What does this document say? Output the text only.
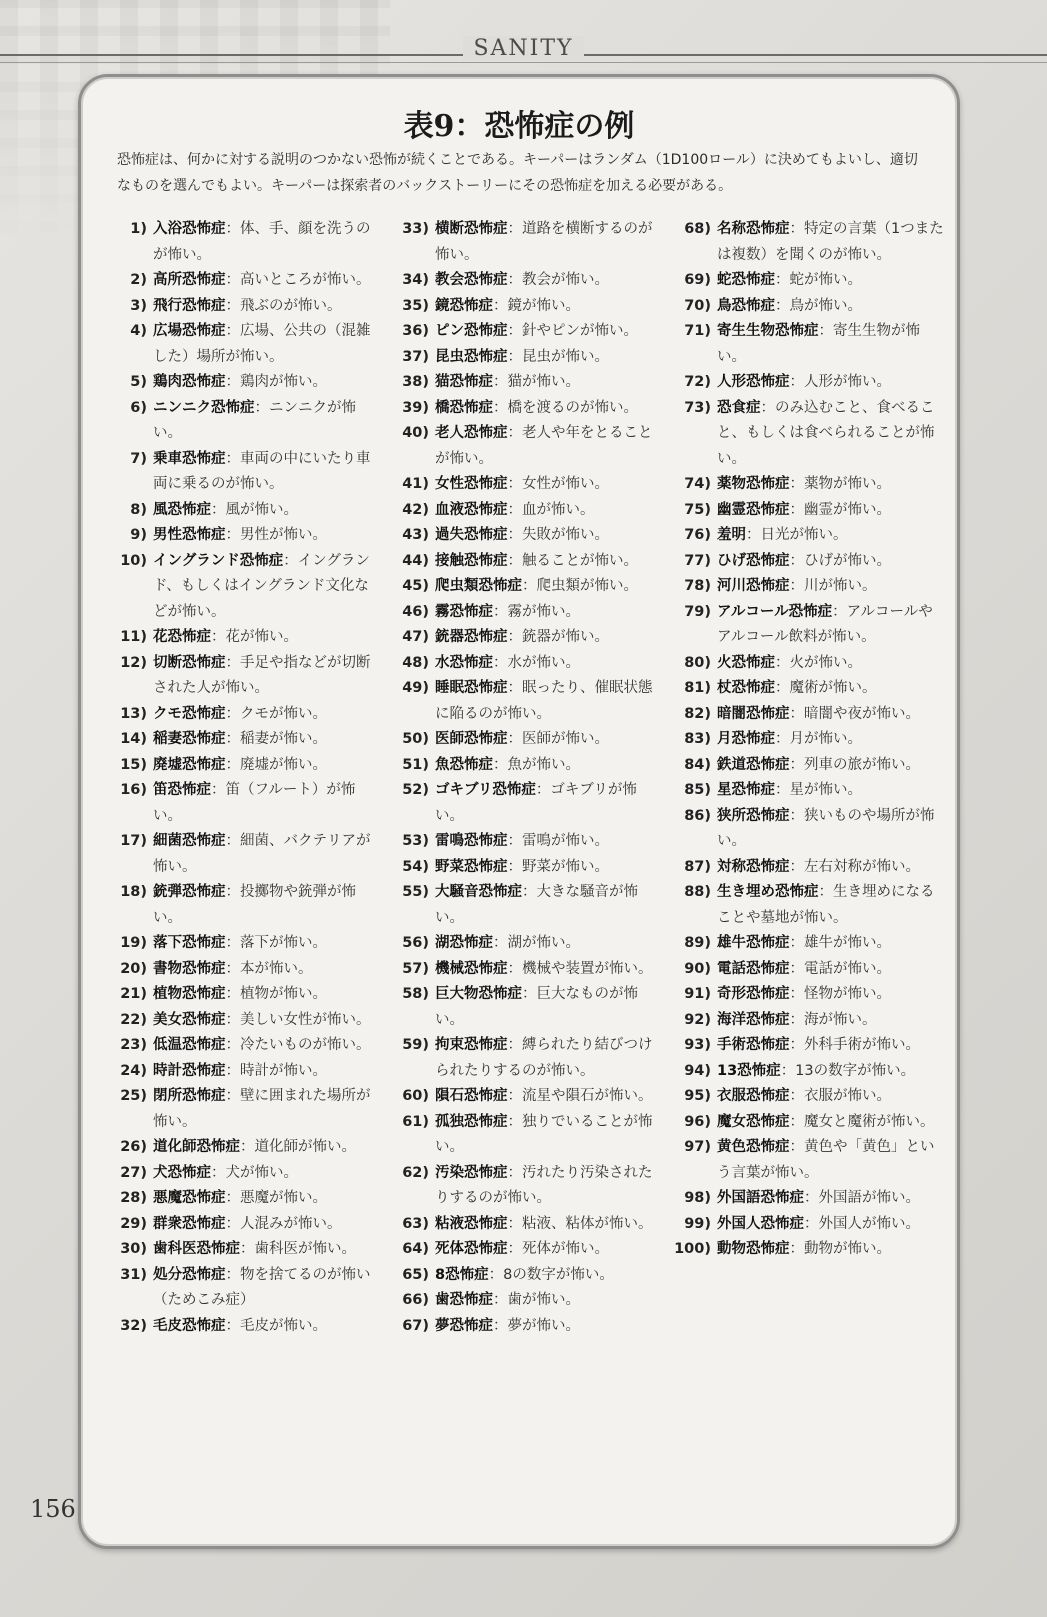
SANITY
表9：恐怖症の例
恐怖症は、何かに対する説明のつかない恐怖が続くことである。キーパーはランダム（1D100ロール）に決めてもよいし、適切なものを選んでもよい。キーパーは探索者のバックストーリーにその恐怖症を加える必要がある。
1) 入浴恐怖症：体、手、顔を洗うのが怖い。
2) 高所恐怖症：高いところが怖い。
3) 飛行恐怖症：飛ぶのが怖い。
4) 広場恐怖症：広場、公共の（混雑した）場所が怖い。
5) 鶏肉恐怖症：鶏肉が怖い。
6) ニンニク恐怖症：ニンニクが怖い。
7) 乗車恐怖症：車両の中にいたり車両に乗るのが怖い。
8) 風恐怖症：風が怖い。
9) 男性恐怖症：男性が怖い。
10) イングランド恐怖症：イングランド、もしくはイングランド文化などが怖い。
11) 花恐怖症：花が怖い。
12) 切断恐怖症：手足や指などが切断された人が怖い。
13) クモ恐怖症：クモが怖い。
14) 稲妻恐怖症：稲妻が怖い。
15) 廃墟恐怖症：廃墟が怖い。
16) 笛恐怖症：笛（フルート）が怖い。
17) 細菌恐怖症：細菌、バクテリアが怖い。
18) 銃弾恐怖症：投擲物や銃弾が怖い。
19) 落下恐怖症：落下が怖い。
20) 書物恐怖症：本が怖い。
21) 植物恐怖症：植物が怖い。
22) 美女恐怖症：美しい女性が怖い。
23) 低温恐怖症：冷たいものが怖い。
24) 時計恐怖症：時計が怖い。
25) 閉所恐怖症：壁に囲まれた場所が怖い。
26) 道化師恐怖症：道化師が怖い。
27) 犬恐怖症：犬が怖い。
28) 悪魔恐怖症：悪魔が怖い。
29) 群衆恐怖症：人混みが怖い。
30) 歯科医恐怖症：歯科医が怖い。
31) 処分恐怖症：物を捨てるのが怖い（ためこみ症）
32) 毛皮恐怖症：毛皮が怖い。
33) 横断恐怖症：道路を横断するのが怖い。
34) 教会恐怖症：教会が怖い。
35) 鏡恐怖症：鏡が怖い。
36) ピン恐怖症：針やピンが怖い。
37) 昆虫恐怖症：昆虫が怖い。
38) 猫恐怖症：猫が怖い。
39) 橋恐怖症：橋を渡るのが怖い。
40) 老人恐怖症：老人や年をとることが怖い。
41) 女性恐怖症：女性が怖い。
42) 血液恐怖症：血が怖い。
43) 過失恐怖症：失敗が怖い。
44) 接触恐怖症：触ることが怖い。
45) 爬虫類恐怖症：爬虫類が怖い。
46) 霧恐怖症：霧が怖い。
47) 銃器恐怖症：銃器が怖い。
48) 水恐怖症：水が怖い。
49) 睡眠恐怖症：眠ったり、催眠状態に陥るのが怖い。
50) 医師恐怖症：医師が怖い。
51) 魚恐怖症：魚が怖い。
52) ゴキブリ恐怖症：ゴキブリが怖い。
53) 雷鳴恐怖症：雷鳴が怖い。
54) 野菜恐怖症：野菜が怖い。
55) 大騒音恐怖症：大きな騒音が怖い。
56) 湖恐怖症：湖が怖い。
57) 機械恐怖症：機械や装置が怖い。
58) 巨大物恐怖症：巨大なものが怖い。
59) 拘束恐怖症：縛られたり結びつけられたりするのが怖い。
60) 隕石恐怖症：流星や隕石が怖い。
61) 孤独恐怖症：独りでいることが怖い。
62) 汚染恐怖症：汚れたり汚染されたりするのが怖い。
63) 粘液恐怖症：粘液、粘体が怖い。
64) 死体恐怖症：死体が怖い。
65) 8恐怖症：8の数字が怖い。
66) 歯恐怖症：歯が怖い。
67) 夢恐怖症：夢が怖い。
68) 名称恐怖症：特定の言葉（1つまたは複数）を聞くのが怖い。
69) 蛇恐怖症：蛇が怖い。
70) 鳥恐怖症：鳥が怖い。
71) 寄生生物恐怖症：寄生生物が怖い。
72) 人形恐怖症：人形が怖い。
73) 恐食症：のみ込むこと、食べること、もしくは食べられることが怖い。
74) 薬物恐怖症：薬物が怖い。
75) 幽霊恐怖症：幽霊が怖い。
76) 羞明：日光が怖い。
77) ひげ恐怖症：ひげが怖い。
78) 河川恐怖症：川が怖い。
79) アルコール恐怖症：アルコールやアルコール飲料が怖い。
80) 火恐怖症：火が怖い。
81) 杖恐怖症：魔術が怖い。
82) 暗闇恐怖症：暗闇や夜が怖い。
83) 月恐怖症：月が怖い。
84) 鉄道恐怖症：列車の旅が怖い。
85) 星恐怖症：星が怖い。
86) 狭所恐怖症：狭いものや場所が怖い。
87) 対称恐怖症：左右対称が怖い。
88) 生き埋め恐怖症：生き埋めになることや墓地が怖い。
89) 雄牛恐怖症：雄牛が怖い。
90) 電話恐怖症：電話が怖い。
91) 奇形恐怖症：怪物が怖い。
92) 海洋恐怖症：海が怖い。
93) 手術恐怖症：外科手術が怖い。
94) 13恐怖症：13の数字が怖い。
95) 衣服恐怖症：衣服が怖い。
96) 魔女恐怖症：魔女と魔術が怖い。
97) 黄色恐怖症：黄色や「黄色」という言葉が怖い。
98) 外国語恐怖症：外国語が怖い。
99) 外国人恐怖症：外国人が怖い。
100) 動物恐怖症：動物が怖い。
156
